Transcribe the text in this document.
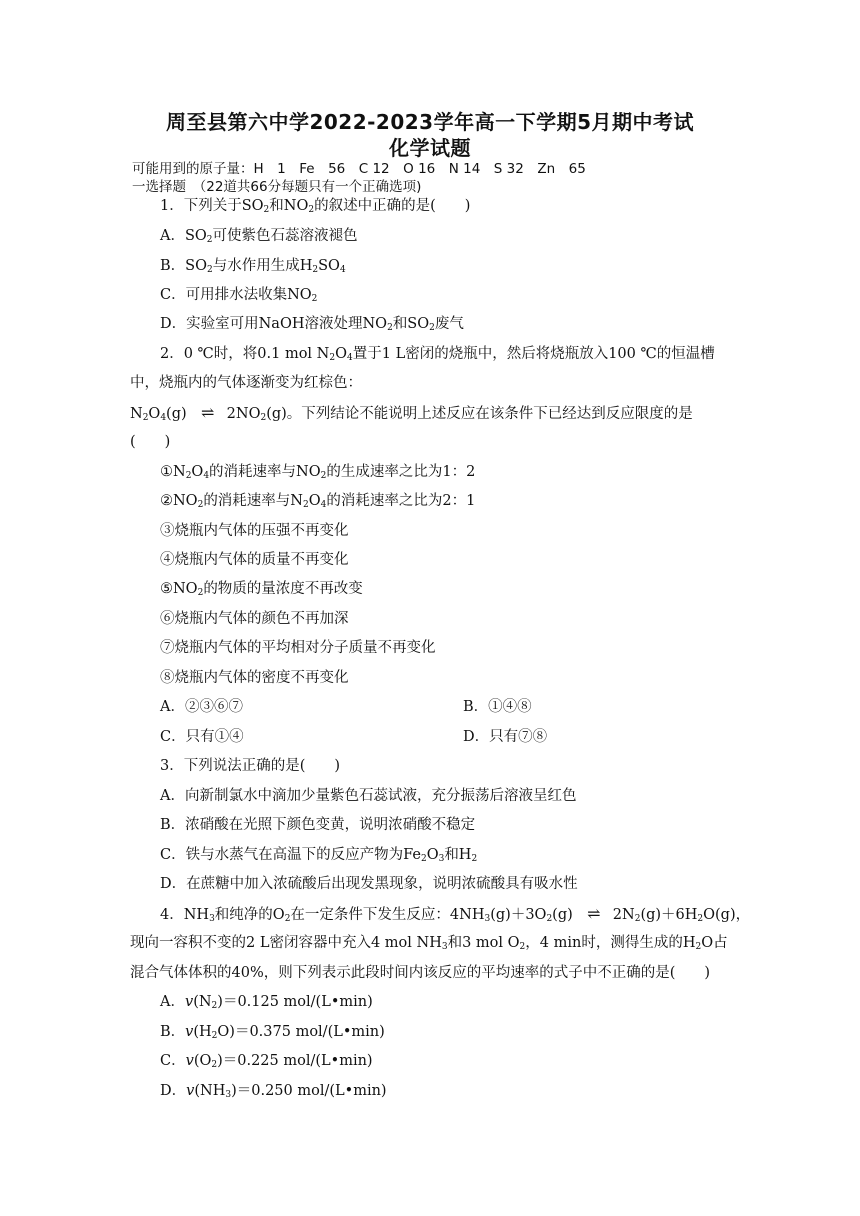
周至县第六中学2022-2023学年高一下学期5月期中考试
化学试题
可能用到的原子量：H　1　Fe　56　C 12　O 16　N 14　S 32　Zn　65
一选择题　（22道共66分每题只有一个正确选项)
1．下列关于$SO_2$和$NO_2$的叙述中正确的是(　　)
A．$SO_2$可使紫色石蕊溶液褪色
B．$SO_2$与水作用生成$H_2SO_4$
C．可用排水法收集$NO_2$
D．实验室可用NaOH溶液处理$NO_2$和$SO_2$废气
2．0 ℃时，将0.1 mol $N_2O_4$置于1 L密闭的烧瓶中，然后将烧瓶放入100 ℃的恒温槽
中，烧瓶内的气体逐渐变为红棕色：
$N_2O_4(g)$ ⇌ $2NO_2(g)$。下列结论不能说明上述反应在该条件下已经达到反应限度的是
(　　)
$①N_2O_4$的消耗速率与$NO_2$的生成速率之比为1：2
$②NO_2$的消耗速率与$N_2O_4$的消耗速率之比为2：1
③烧瓶内气体的压强不再变化
④烧瓶内气体的质量不再变化
$⑤NO_2$的物质的量浓度不再改变
⑥烧瓶内气体的颜色不再加深
⑦烧瓶内气体的平均相对分子质量不再变化
⑧烧瓶内气体的密度不再变化
A．②③⑥⑦	B．①④⑧
C．只有①④	D．只有⑦⑧
3．下列说法正确的是(　　)
A．向新制氯水中滴加少量紫色石蕊试液，充分振荡后溶液呈红色
B．浓硝酸在光照下颜色变黄，说明浓硝酸不稳定
C．铁与水蒸气在高温下的反应产物为$Fe_2O_3$和$H_2$
D．在蔗糖中加入浓硫酸后出现发黑现象，说明浓硫酸具有吸水性
4．$NH_3$和纯净的$O_2$在一定条件下发生反应：$4NH_3(g)+3O_2(g)$ ⇌ $2N_2(g)+6H_2O(g)$，
现向一容积不变的2 L密闭容器中充入4 mol $NH_3$和3 mol $O_2$，4 min时，测得生成的$H_2O$占
混合气体体积的40%，则下列表示此段时间内该反应的平均速率的式子中不正确的是(　　)
A．$v(N_2)=0.125$ mol/(L•min)
B．$v(H_2O)=0.375$ mol/(L•min)
C．$v(O_2)=0.225$ mol/(L•min)
D．$v(NH_3)=0.250$ mol/(L•min)
